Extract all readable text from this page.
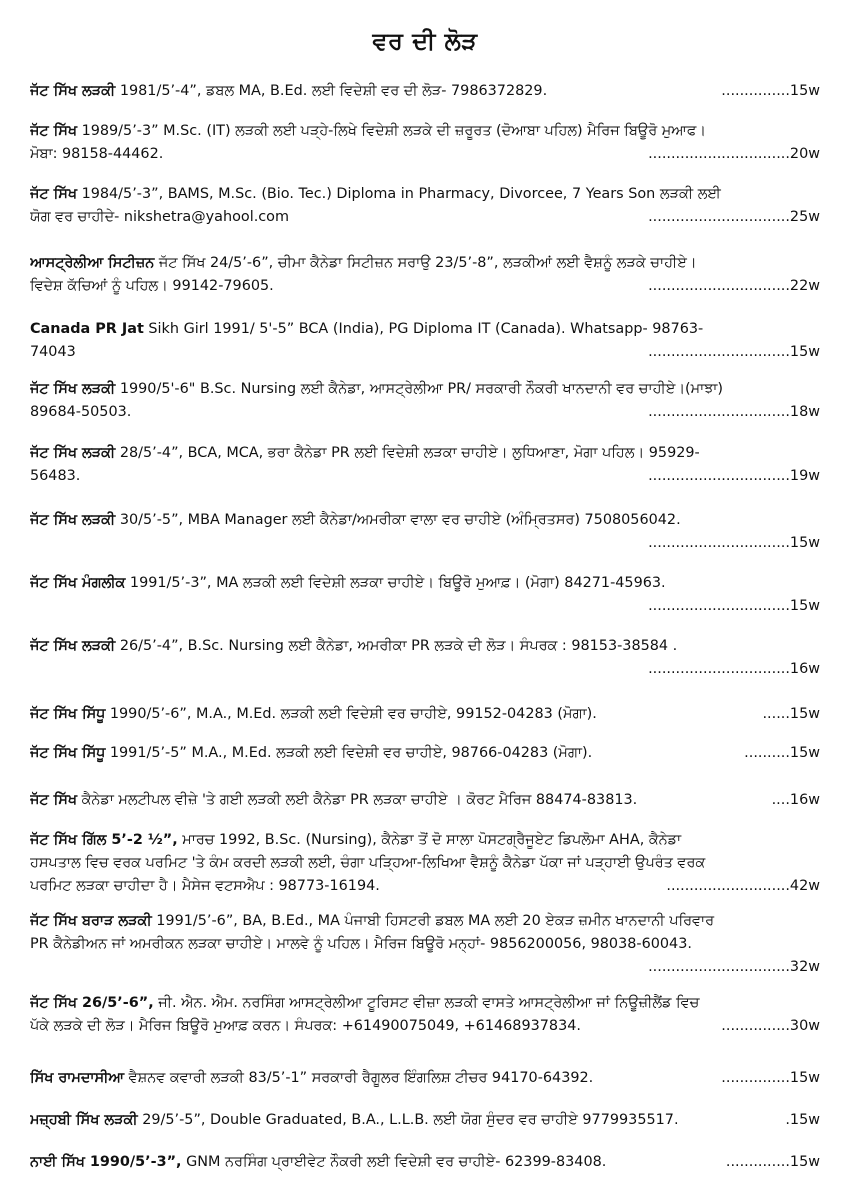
ਵਰ ਦੀ ਲੋੜ
ਜੱਟ ਸਿੱਖ ਲੜਕੀ 1981/5’-4”, ਡਬਲ MA, B.Ed. ਲਈ ਵਿਦੇਸ਼ੀ ਵਰ ਦੀ ਲੋੜ- 7986372829.	...............15w
ਜੱਟ ਸਿੱਖ 1989/5’-3” M.Sc. (IT) ਲੜਕੀ ਲਈ ਪੜ੍ਹੇ-ਲਿਖੇ ਵਿਦੇਸ਼ੀ ਲੜਕੇ ਦੀ ਜ਼ਰੂਰਤ (ਦੋਆਬਾ ਪਹਿਲ) ਮੈਰਿਜ ਬਿਊਰੋ ਮੁਆਫ।
ਮੋਬਾ: 98158-44462.	...............................20w
ਜੱਟ ਸਿੱਖ 1984/5’-3”, BAMS, M.Sc. (Bio. Tec.) Diploma in Pharmacy, Divorcee, 7 Years Son ਲੜਕੀ ਲਈ
ਯੋਗ ਵਰ ਚਾਹੀਦੇ- nikshetra@yahool.com	...............................25w
ਆਸਟ੍ਰੇਲੀਆ ਸਿਟੀਜ਼ਨ ਜੱਟ ਸਿੱਖ 24/5’-6”, ਚੀਮਾ ਕੈਨੇਡਾ ਸਿਟੀਜ਼ਨ ਸਰਾਉ 23/5’-8”, ਲੜਕੀਆਂ ਲਈ ਵੈਸ਼ਨੂੰ ਲੜਕੇ ਚਾਹੀਏ।
ਵਿਦੇਸ਼ ਕੱਚਿਆਂ ਨੂੰ ਪਹਿਲ। 99142-79605.	...............................22w
Canada PR Jat Sikh Girl 1991/ 5'-5” BCA (India), PG Diploma IT (Canada). Whatsapp- 98763-
74043	...............................15w
ਜੱਟ ਸਿੱਖ ਲੜਕੀ 1990/5'-6" B.Sc. Nursing ਲਈ ਕੈਨੇਡਾ, ਆਸਟ੍ਰੇਲੀਆ PR/ ਸਰਕਾਰੀ ਨੌਕਰੀ ਖਾਨਦਾਨੀ ਵਰ ਚਾਹੀਏ।(ਮਾਝਾ)
89684-50503.	...............................18w
ਜੱਟ ਸਿੱਖ ਲੜਕੀ 28/5’-4”, BCA, MCA, ਭਰਾ ਕੈਨੇਡਾ PR ਲਈ ਵਿਦੇਸ਼ੀ ਲੜਕਾ ਚਾਹੀਏ। ਲੁਧਿਆਣਾ, ਮੋਗਾ ਪਹਿਲ। 95929-
56483.	...............................19w
ਜੱਟ ਸਿੱਖ ਲੜਕੀ 30/5’-5”, MBA Manager ਲਈ ਕੈਨੇਡਾ/ਅਮਰੀਕਾ ਵਾਲਾ ਵਰ ਚਾਹੀਏ (ਅੰਮ੍ਰਿਤਸਰ) 7508056042.
...............................15w
ਜੱਟ ਸਿੱਖ ਮੰਗਲੀਕ 1991/5’-3”, MA ਲੜਕੀ ਲਈ ਵਿਦੇਸ਼ੀ ਲੜਕਾ ਚਾਹੀਏ। ਬਿਊਰੋ ਮੁਆਫ਼। (ਮੋਗਾ) 84271-45963.
...............................15w
ਜੱਟ ਸਿੱਖ ਲੜਕੀ 26/5’-4”, B.Sc. Nursing ਲਈ ਕੈਨੇਡਾ, ਅਮਰੀਕਾ PR ਲੜਕੇ ਦੀ ਲੋੜ। ਸੰਪਰਕ : 98153-38584 .
...............................16w
ਜੱਟ ਸਿੱਖ ਸਿੱਧੂ 1990/5’-6”, M.A., M.Ed. ਲੜਕੀ ਲਈ ਵਿਦੇਸ਼ੀ ਵਰ ਚਾਹੀਏ, 99152-04283 (ਮੋਗਾ).	......15w
ਜੱਟ ਸਿੱਖ ਸਿੱਧੂ 1991/5’-5” M.A., M.Ed. ਲੜਕੀ ਲਈ ਵਿਦੇਸ਼ੀ ਵਰ ਚਾਹੀਏ, 98766-04283 (ਮੋਗਾ).	..........15w
ਜੱਟ ਸਿੱਖ ਕੈਨੇਡਾ ਮਲਟੀਪਲ ਵੀਜ਼ੇ 'ਤੇ ਗਈ ਲੜਕੀ ਲਈ ਕੈਨੇਡਾ PR ਲੜਕਾ ਚਾਹੀਏ । ਕੋਰਟ ਮੈਰਿਜ 88474-83813.	....16w
ਜੱਟ ਸਿੱਖ ਗਿੱਲ 5’-2 ½”, ਮਾਰਚ 1992, B.Sc. (Nursing), ਕੈਨੇਡਾ ਤੋਂ ਦੋ ਸਾਲਾ ਪੋਸਟਗ੍ਰੈਜੂਏਟ ਡਿਪਲੋਮਾ AHA, ਕੈਨੇਡਾ
ਹਸਪਤਾਲ ਵਿਚ ਵਰਕ ਪਰਮਿਟ 'ਤੇ ਕੰਮ ਕਰਦੀ ਲੜਕੀ ਲਈ, ਚੰਗਾ ਪੜ੍ਹਿਆ-ਲਿਖਿਆ ਵੈਸ਼ਨੂੰ ਕੈਨੇਡਾ ਪੱਕਾ ਜਾਂ ਪੜ੍ਹਾਈ ਉਪਰੰਤ ਵਰਕ
ਪਰਮਿਟ ਲੜਕਾ ਚਾਹੀਦਾ ਹੈ। ਮੈਸੇਜ ਵਟਸਐਪ : 98773-16194.	...........................42w
ਜੱਟ ਸਿੱਖ ਬਰਾੜ ਲੜਕੀ 1991/5’-6”, BA, B.Ed., MA ਪੰਜਾਬੀ ਹਿਸਟਰੀ ਡਬਲ MA ਲਈ 20 ਏਕੜ ਜ਼ਮੀਨ ਖਾਨਦਾਨੀ ਪਰਿਵਾਰ
PR ਕੈਨੇਡੀਅਨ ਜਾਂ ਅਮਰੀਕਨ ਲੜਕਾ ਚਾਹੀਏ। ਮਾਲਵੇ ਨੂੰ ਪਹਿਲ। ਮੈਰਿਜ ਬਿਊਰੋ ਮਨ੍ਹਾਂ- 9856200056, 98038-60043.
...............................32w
ਜੱਟ ਸਿੱਖ 26/5’-6”, ਜੀ. ਐਨ. ਐਮ. ਨਰਸਿੰਗ ਆਸਟ੍ਰੇਲੀਆ ਟੂਰਿਸਟ ਵੀਜ਼ਾ ਲੜਕੀ ਵਾਸਤੇ ਆਸਟ੍ਰੇਲੀਆ ਜਾਂ ਨਿਊਜ਼ੀਲੈਂਡ ਵਿਚ
ਪੱਕੇ ਲੜਕੇ ਦੀ ਲੋੜ। ਮੈਰਿਜ ਬਿਊਰੋ ਮੁਆਫ਼ ਕਰਨ। ਸੰਪਰਕ: +61490075049, +61468937834.	...............30w
ਸਿੱਖ ਰਾਮਦਾਸੀਆ ਵੈਸ਼ਨਵ ਕਵਾਰੀ ਲੜਕੀ 83/5’-1” ਸਰਕਾਰੀ ਰੈਗੂਲਰ ਇੰਗਲਿਸ਼ ਟੀਚਰ 94170-64392.	...............15w
ਮਜ਼੍ਹਬੀ ਸਿੱਖ ਲੜਕੀ 29/5’-5”, Double Graduated, B.A., L.L.B. ਲਈ ਯੋਗ ਸੁੰਦਰ ਵਰ ਚਾਹੀਏ 9779935517.	.15w
ਨਾਈ ਸਿੱਖ 1990/5’-3”, GNM ਨਰਸਿੰਗ ਪ੍ਰਾਈਵੇਟ ਨੌਕਰੀ ਲਈ ਵਿਦੇਸ਼ੀ ਵਰ ਚਾਹੀਏ- 62399-83408.	..............15w
